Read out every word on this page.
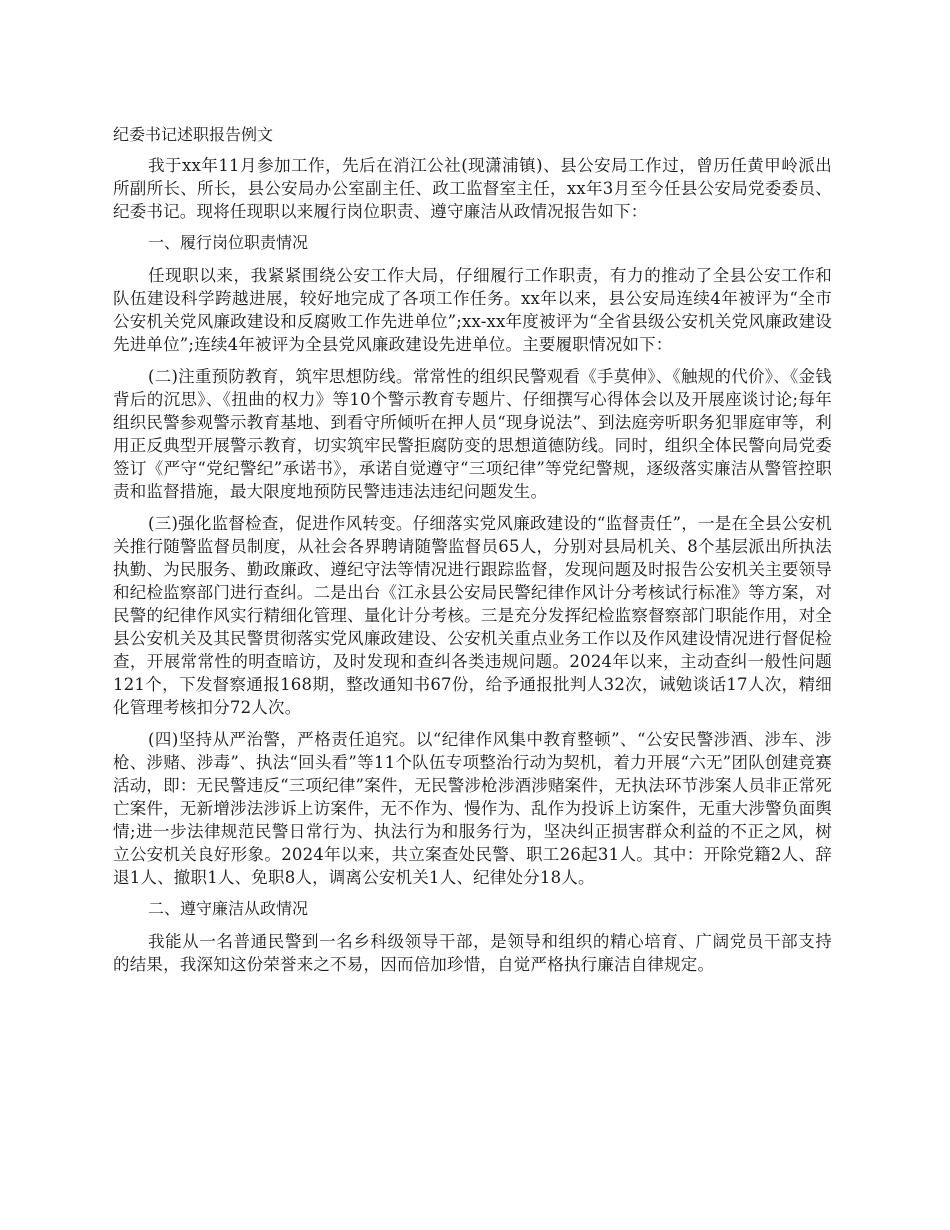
纪委书记述职报告例文

我于xx年11月参加工作，先后在消江公社(现潇浦镇)、县公安局工作过，曾历任黄甲岭派出所副所长、所长，县公安局办公室副主任、政工监督室主任，xx年3月至今任县公安局党委委员、纪委书记。现将任现职以来履行岗位职责、遵守廉洁从政情况报告如下：

一、履行岗位职责情况

任现职以来，我紧紧围绕公安工作大局，仔细履行工作职责，有力的推动了全县公安工作和队伍建设科学跨越进展，较好地完成了各项工作任务。xx年以来，县公安局连续4年被评为“全市公安机关党风廉政建设和反腐败工作先进单位”;xx-xx年度被评为“全省县级公安机关党风廉政建设先进单位”;连续4年被评为全县党风廉政建设先进单位。主要履职情况如下：

(二)注重预防教育，筑牢思想防线。常常性的组织民警观看《手莫伸》、《触规的代价》、《金钱背后的沉思》、《扭曲的权力》等10个警示教育专题片、仔细撰写心得体会以及开展座谈讨论;每年组织民警参观警示教育基地、到看守所倾听在押人员“现身说法”、到法庭旁听职务犯罪庭审等，利用正反典型开展警示教育，切实筑牢民警拒腐防变的思想道德防线。同时，组织全体民警向局党委签订《严守“党纪警纪”承诺书》，承诺自觉遵守“三项纪律”等党纪警规，逐级落实廉洁从警管控职责和监督措施，最大限度地预防民警违违法违纪问题发生。

(三)强化监督检查，促进作风转变。仔细落实党风廉政建设的“监督责任”，一是在全县公安机关推行随警监督员制度，从社会各界聘请随警监督员65人，分别对县局机关、8个基层派出所执法执勤、为民服务、勤政廉政、遵纪守法等情况进行跟踪监督，发现问题及时报告公安机关主要领导和纪检监察部门进行查纠。二是出台《江永县公安局民警纪律作风计分考核试行标准》等方案，对民警的纪律作风实行精细化管理、量化计分考核。三是充分发挥纪检监察督察部门职能作用，对全县公安机关及其民警贯彻落实党风廉政建设、公安机关重点业务工作以及作风建设情况进行督促检查，开展常常性的明查暗访，及时发现和查纠各类违规问题。2024年以来，主动查纠一般性问题121个，下发督察通报168期，整改通知书67份，给予通报批判人32次，诫勉谈话17人次，精细化管理考核扣分72人次。

(四)坚持从严治警，严格责任追究。以“纪律作风集中教育整顿”、“公安民警涉酒、涉车、涉枪、涉赌、涉毒”、执法“回头看”等11个队伍专项整治行动为契机，着力开展“六无”团队创建竞赛活动，即：无民警违反“三项纪律”案件，无民警涉枪涉酒涉赌案件，无执法环节涉案人员非正常死亡案件，无新增涉法涉诉上访案件，无不作为、慢作为、乱作为投诉上访案件，无重大涉警负面舆情;进一步法律规范民警日常行为、执法行为和服务行为，坚决纠正损害群众利益的不正之风，树立公安机关良好形象。2024年以来，共立案查处民警、职工26起31人。其中：开除党籍2人、辞退1人、撤职1人、免职8人，调离公安机关1人、纪律处分18人。

二、遵守廉洁从政情况

我能从一名普通民警到一名乡科级领导干部，是领导和组织的精心培育、广阔党员干部支持的结果，我深知这份荣誉来之不易，因而倍加珍惜，自觉严格执行廉洁自律规定。
